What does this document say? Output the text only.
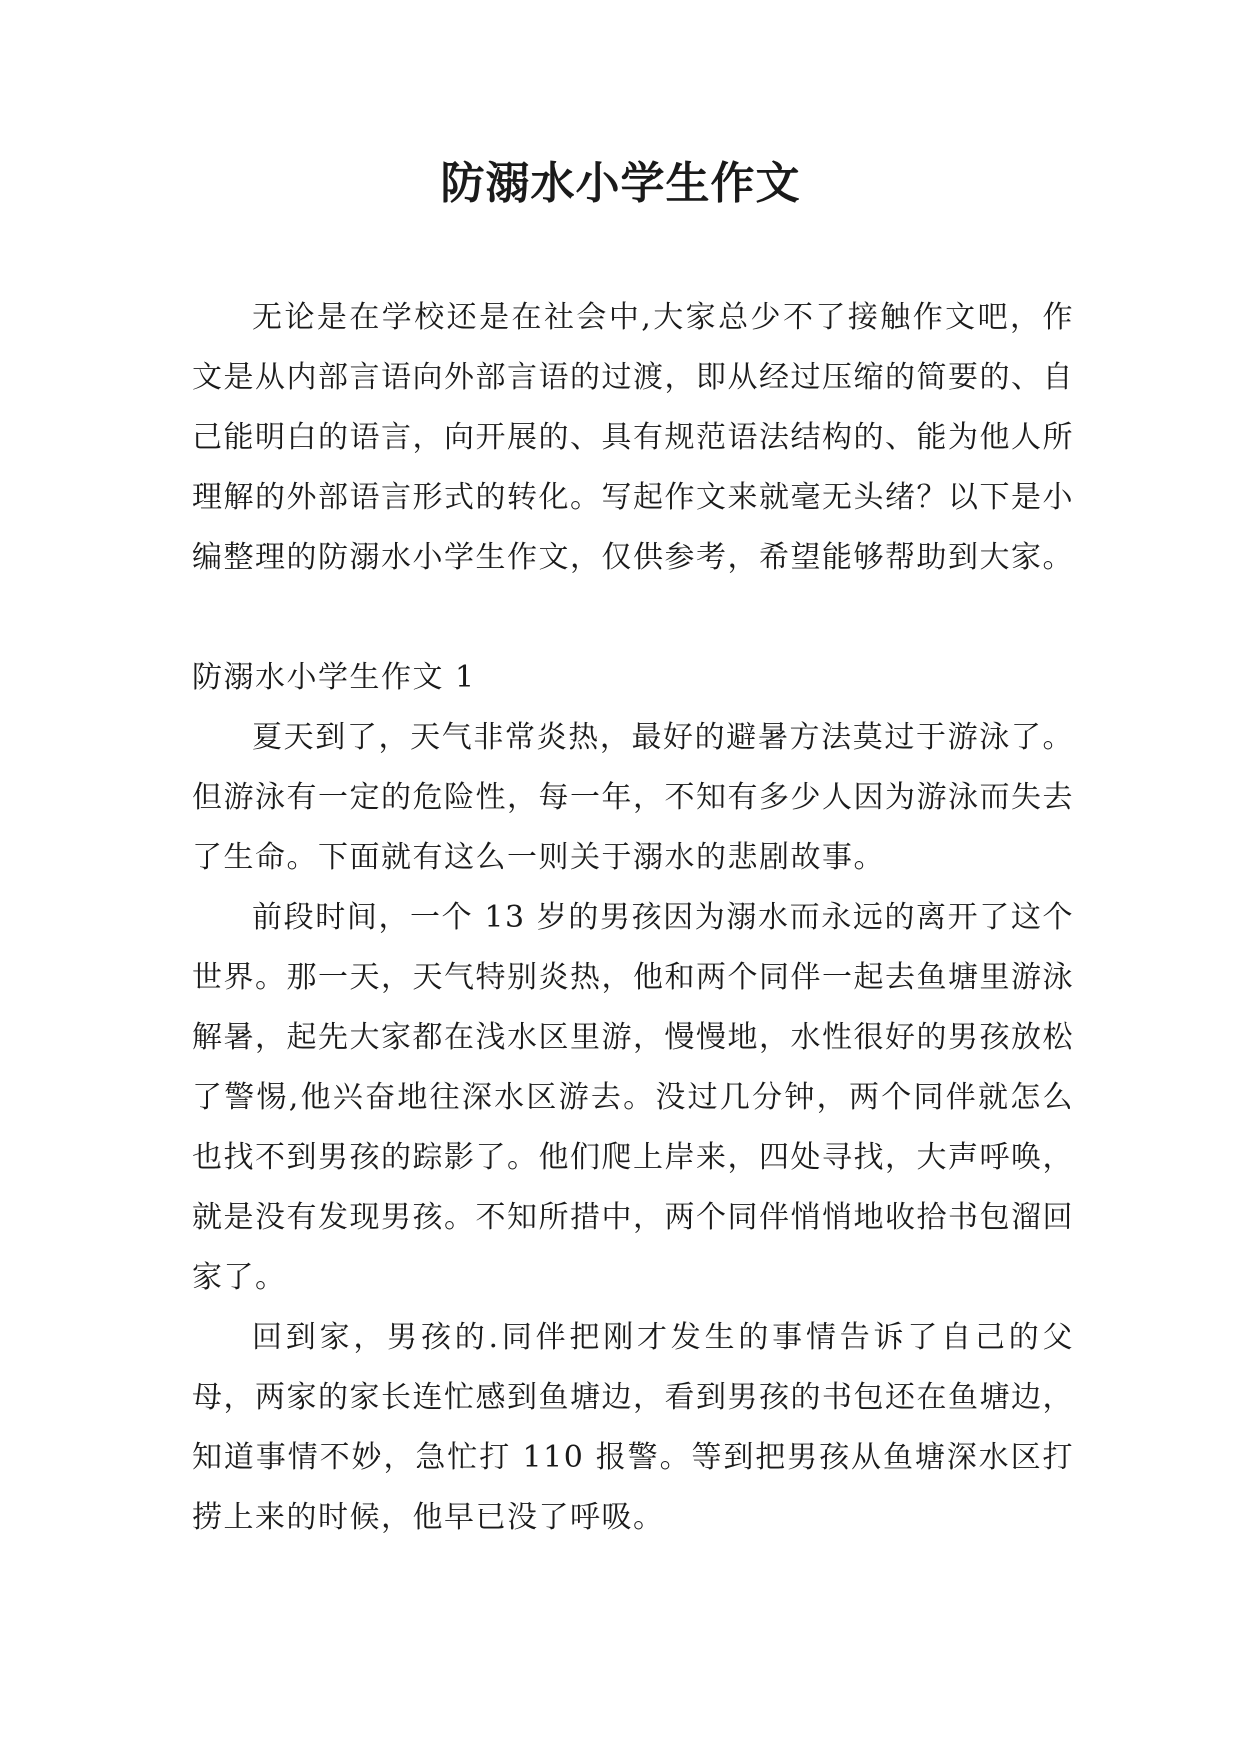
防溺水小学生作文

无论是在学校还是在社会中,大家总少不了接触作文吧，作文是从内部言语向外部言语的过渡，即从经过压缩的简要的、自己能明白的语言，向开展的、具有规范语法结构的、能为他人所理解的外部语言形式的转化。写起作文来就毫无头绪？以下是小编整理的防溺水小学生作文，仅供参考，希望能够帮助到大家。

防溺水小学生作文 1

夏天到了，天气非常炎热，最好的避暑方法莫过于游泳了。但游泳有一定的危险性，每一年，不知有多少人因为游泳而失去了生命。下面就有这么一则关于溺水的悲剧故事。

前段时间，一个 13 岁的男孩因为溺水而永远的离开了这个世界。那一天，天气特别炎热，他和两个同伴一起去鱼塘里游泳解暑，起先大家都在浅水区里游，慢慢地，水性很好的男孩放松了警惕,他兴奋地往深水区游去。没过几分钟，两个同伴就怎么也找不到男孩的踪影了。他们爬上岸来，四处寻找，大声呼唤，就是没有发现男孩。不知所措中，两个同伴悄悄地收拾书包溜回家了。

回到家，男孩的.同伴把刚才发生的事情告诉了自己的父母，两家的家长连忙感到鱼塘边，看到男孩的书包还在鱼塘边，知道事情不妙，急忙打 110 报警。等到把男孩从鱼塘深水区打捞上来的时候，他早已没了呼吸。
